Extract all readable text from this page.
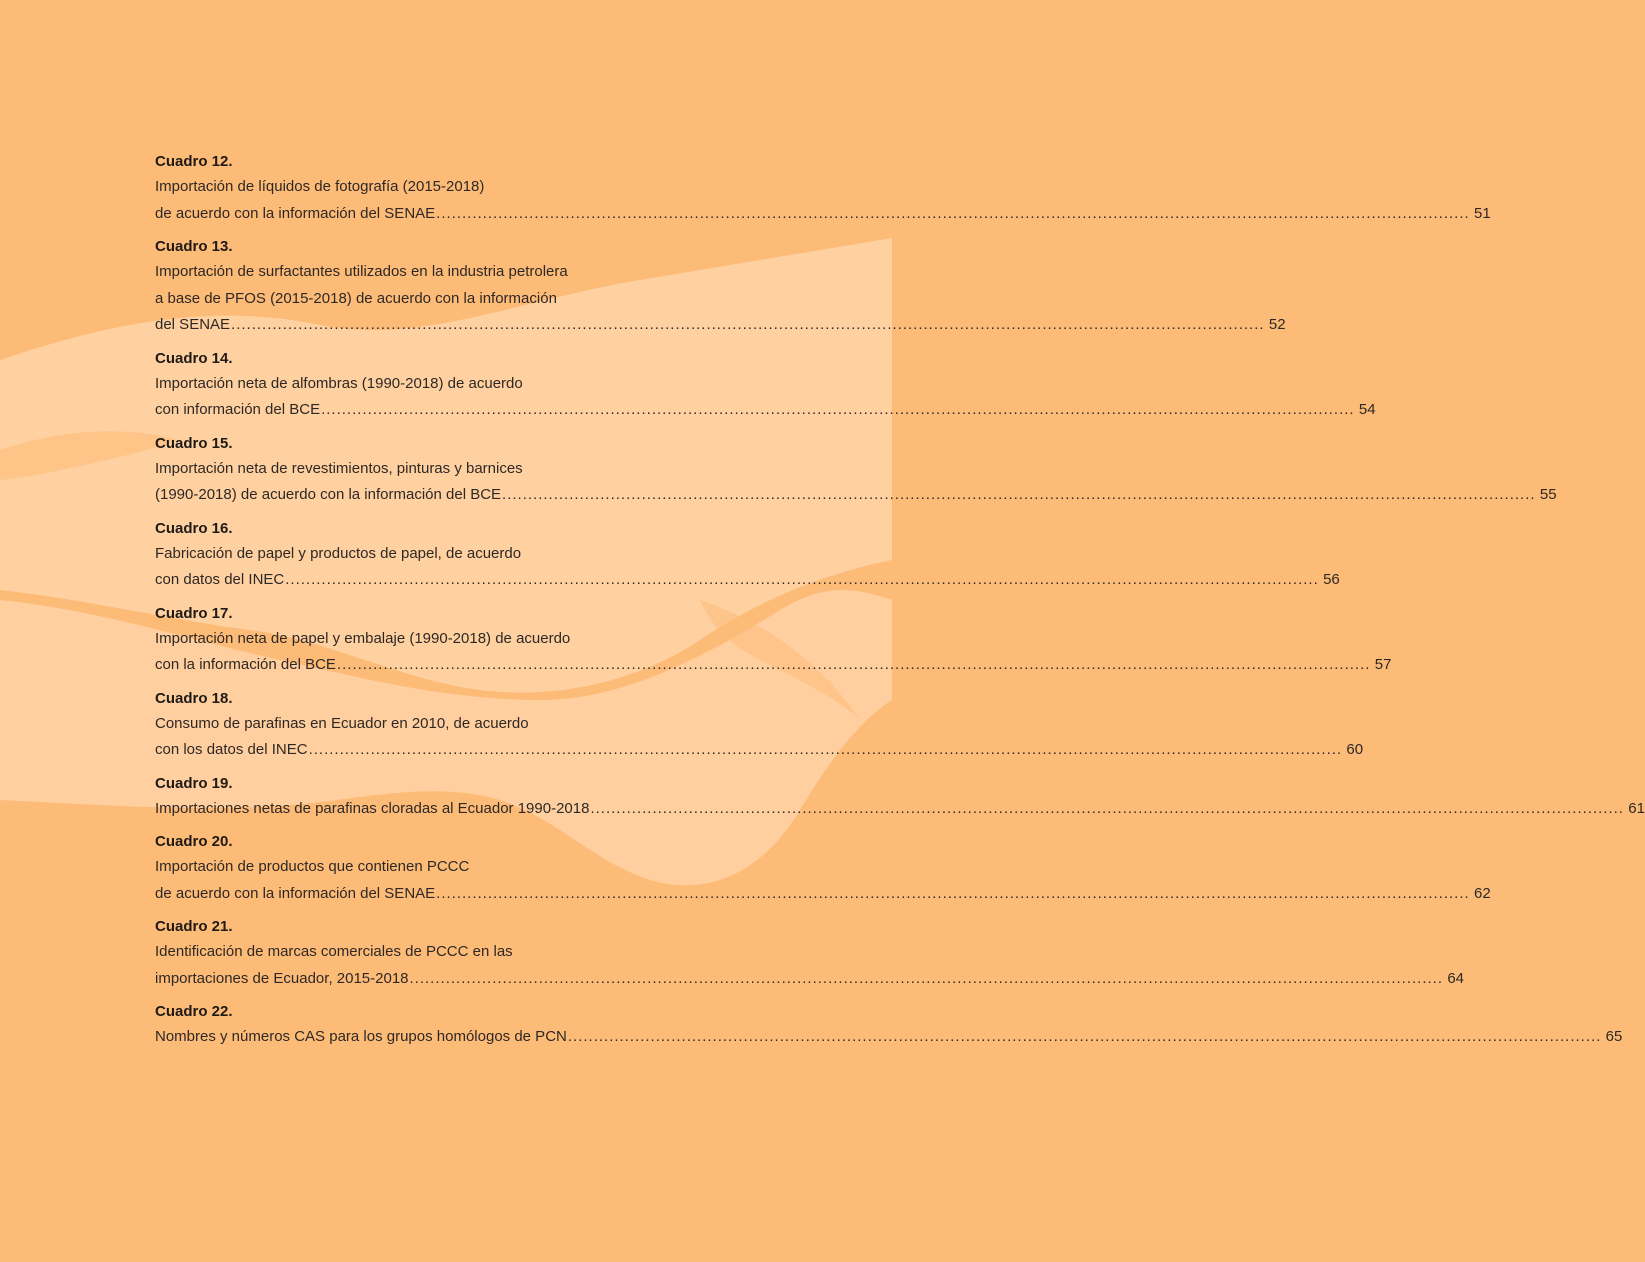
Cuadro 12.
Importación de líquidos de fotografía (2015-2018)
de acuerdo con la información del SENAE ........................................................................................................................................................................................................ 51
Cuadro 13.
Importación de surfactantes utilizados en la industria petrolera
a base de PFOS (2015-2018) de acuerdo con la información
del SENAE ........................................................................................................................................................................................................ 52
Cuadro 14.
Importación neta de alfombras (1990-2018) de acuerdo
con información del BCE ........................................................................................................................................................................................................ 54
Cuadro 15.
Importación neta de revestimientos, pinturas y barnices
(1990-2018) de acuerdo con la información del BCE ........................................................................................................................................................................................................ 55
Cuadro 16.
Fabricación de papel y productos de papel, de acuerdo
con datos del INEC ........................................................................................................................................................................................................ 56
Cuadro 17.
Importación neta de papel y embalaje (1990-2018) de acuerdo
con la información del BCE ........................................................................................................................................................................................................ 57
Cuadro 18.
Consumo de parafinas en Ecuador en 2010, de acuerdo
con los datos del INEC ........................................................................................................................................................................................................ 60
Cuadro 19.
Importaciones netas de parafinas cloradas al Ecuador 1990-2018 ........................................................................................................................................................................................................ 61
Cuadro 20.
Importación de productos que contienen PCCC
de acuerdo con la información del SENAE ........................................................................................................................................................................................................ 62
Cuadro 21.
Identificación de marcas comerciales de PCCC en las
importaciones de Ecuador, 2015-2018 ........................................................................................................................................................................................................ 64
Cuadro 22.
Nombres y números CAS para los grupos homólogos de PCN ........................................................................................................................................................................................................ 65
